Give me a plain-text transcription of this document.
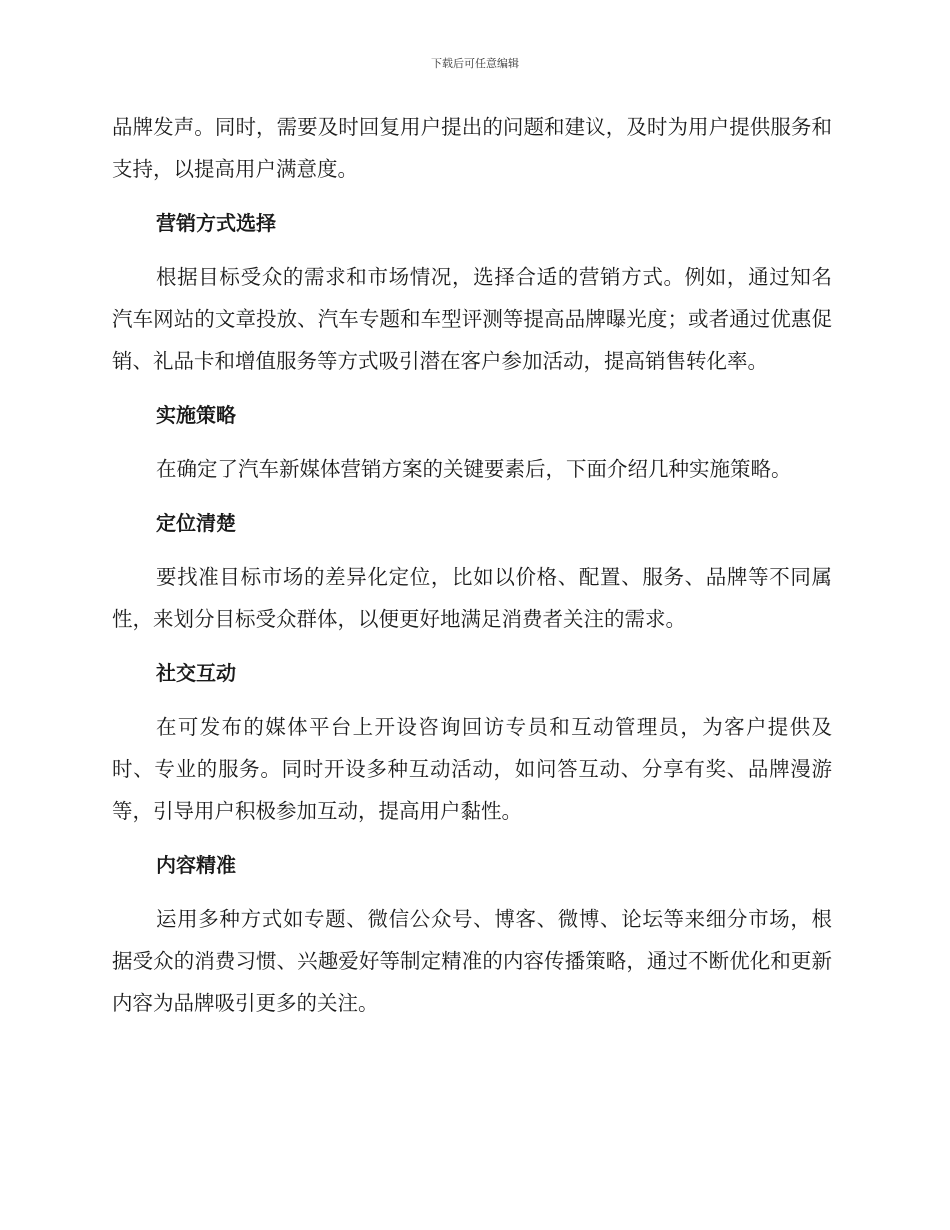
下载后可任意编辑

品牌发声。同时，需要及时回复用户提出的问题和建议，及时为用户提供服务和支持，以提高用户满意度。

营销方式选择

根据目标受众的需求和市场情况，选择合适的营销方式。例如，通过知名汽车网站的文章投放、汽车专题和车型评测等提高品牌曝光度；或者通过优惠促销、礼品卡和增值服务等方式吸引潜在客户参加活动，提高销售转化率。

实施策略

在确定了汽车新媒体营销方案的关键要素后，下面介绍几种实施策略。

定位清楚

要找准目标市场的差异化定位，比如以价格、配置、服务、品牌等不同属性，来划分目标受众群体，以便更好地满足消费者关注的需求。

社交互动

在可发布的媒体平台上开设咨询回访专员和互动管理员，为客户提供及时、专业的服务。同时开设多种互动活动，如问答互动、分享有奖、品牌漫游等，引导用户积极参加互动，提高用户黏性。

内容精准

运用多种方式如专题、微信公众号、博客、微博、论坛等来细分市场，根据受众的消费习惯、兴趣爱好等制定精准的内容传播策略，通过不断优化和更新内容为品牌吸引更多的关注。
